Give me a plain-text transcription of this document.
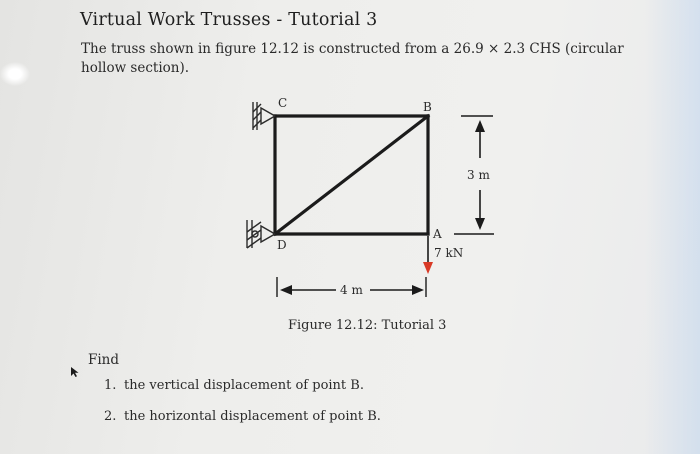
Virtual Work Trusses - Tutorial 3

The truss shown in figure 12.12 is constructed from a 26.9 × 2.3 CHS (circular hollow section).

C	B
A
D
3 m
7 kN
4 m

Figure 12.12: Tutorial 3

Find

1. the vertical displacement of point B.
2. the horizontal displacement of point B.
